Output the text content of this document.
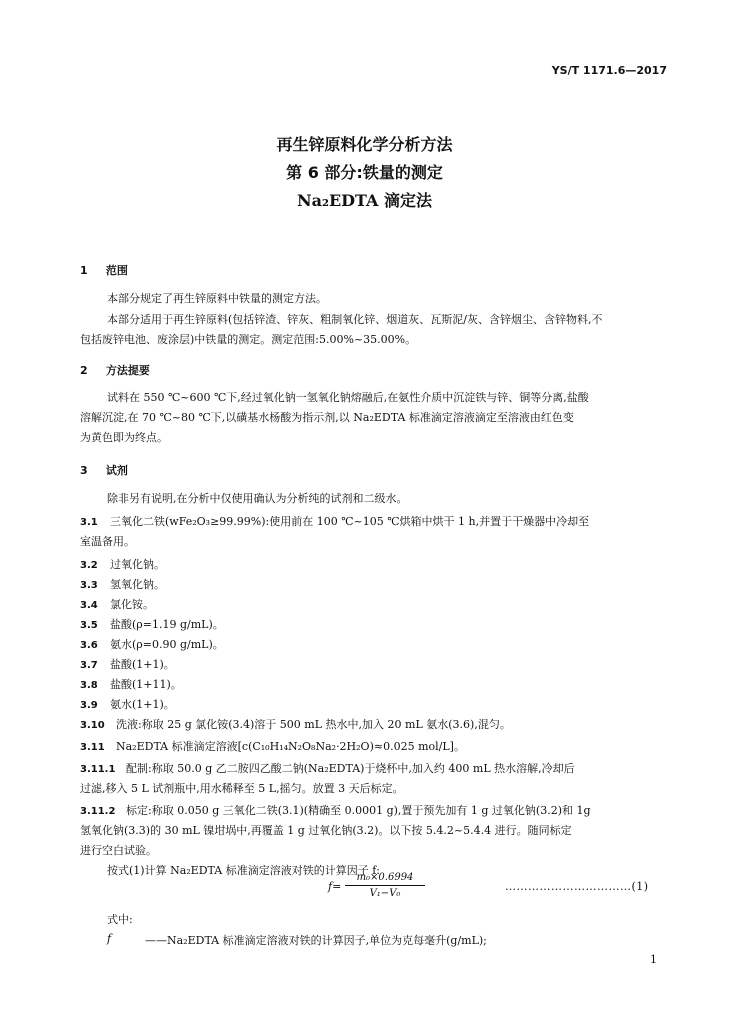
YS/T 1171.6—2017
再生锌原料化学分析方法
第 6 部分:铁量的测定
Na₂EDTA 滴定法
1 范围
本部分规定了再生锌原料中铁量的测定方法。
本部分适用于再生锌原料(包括锌渣、锌灰、粗制氧化锌、烟道灰、瓦斯泥/灰、含锌烟尘、含锌物料,不
包括废锌电池、废涂层)中铁量的测定。测定范围:5.00%~35.00%。
2 方法提要
试料在 550 ℃~600 ℃下,经过氧化钠一氢氧化钠熔融后,在氨性介质中沉淀铁与锌、铜等分离,盐酸
溶解沉淀,在 70 ℃~80 ℃下,以磺基水杨酸为指示剂,以 Na₂EDTA 标准滴定溶液滴定至溶液由红色变
为黄色即为终点。
3 试剂
除非另有说明,在分析中仅使用确认为分析纯的试剂和二级水。
3.1 三氧化二铁(wFe₂O₃≥99.99%):使用前在 100 ℃~105 ℃烘箱中烘干 1 h,并置于干燥器中冷却至
室温备用。
3.2 过氧化钠。
3.3 氢氧化钠。
3.4 氯化铵。
3.5 盐酸(ρ=1.19 g/mL)。
3.6 氨水(ρ=0.90 g/mL)。
3.7 盐酸(1+1)。
3.8 盐酸(1+11)。
3.9 氨水(1+1)。
3.10 洗液:称取 25 g 氯化铵(3.4)溶于 500 mL 热水中,加入 20 mL 氨水(3.6),混匀。
3.11 Na₂EDTA 标准滴定溶液[c(C₁₀H₁₄N₂O₈Na₂·2H₂O)≈0.025 mol/L]。
3.11.1 配制:称取 50.0 g 乙二胺四乙酸二钠(Na₂EDTA)于烧杯中,加入约 400 mL 热水溶解,冷却后
过滤,移入 5 L 试剂瓶中,用水稀释至 5 L,摇匀。放置 3 天后标定。
3.11.2 标定:称取 0.050 g 三氧化二铁(3.1)(精确至 0.0001 g),置于预先加有 1 g 过氧化钠(3.2)和 1g
氢氧化钠(3.3)的 30 mL 镍坩埚中,再覆盖 1 g 过氧化钠(3.2)。以下按 5.4.2~5.4.4 进行。随同标定
进行空白试验。
按式(1)计算 Na₂EDTA 标准滴定溶液对铁的计算因子 f:
$f= \frac{\text{m₀×0.6994}}{\text{V₁−V₀}}$	……………………………(1)
式中:
f	——Na₂EDTA 标准滴定溶液对铁的计算因子,单位为克每毫升(g/mL);
1
